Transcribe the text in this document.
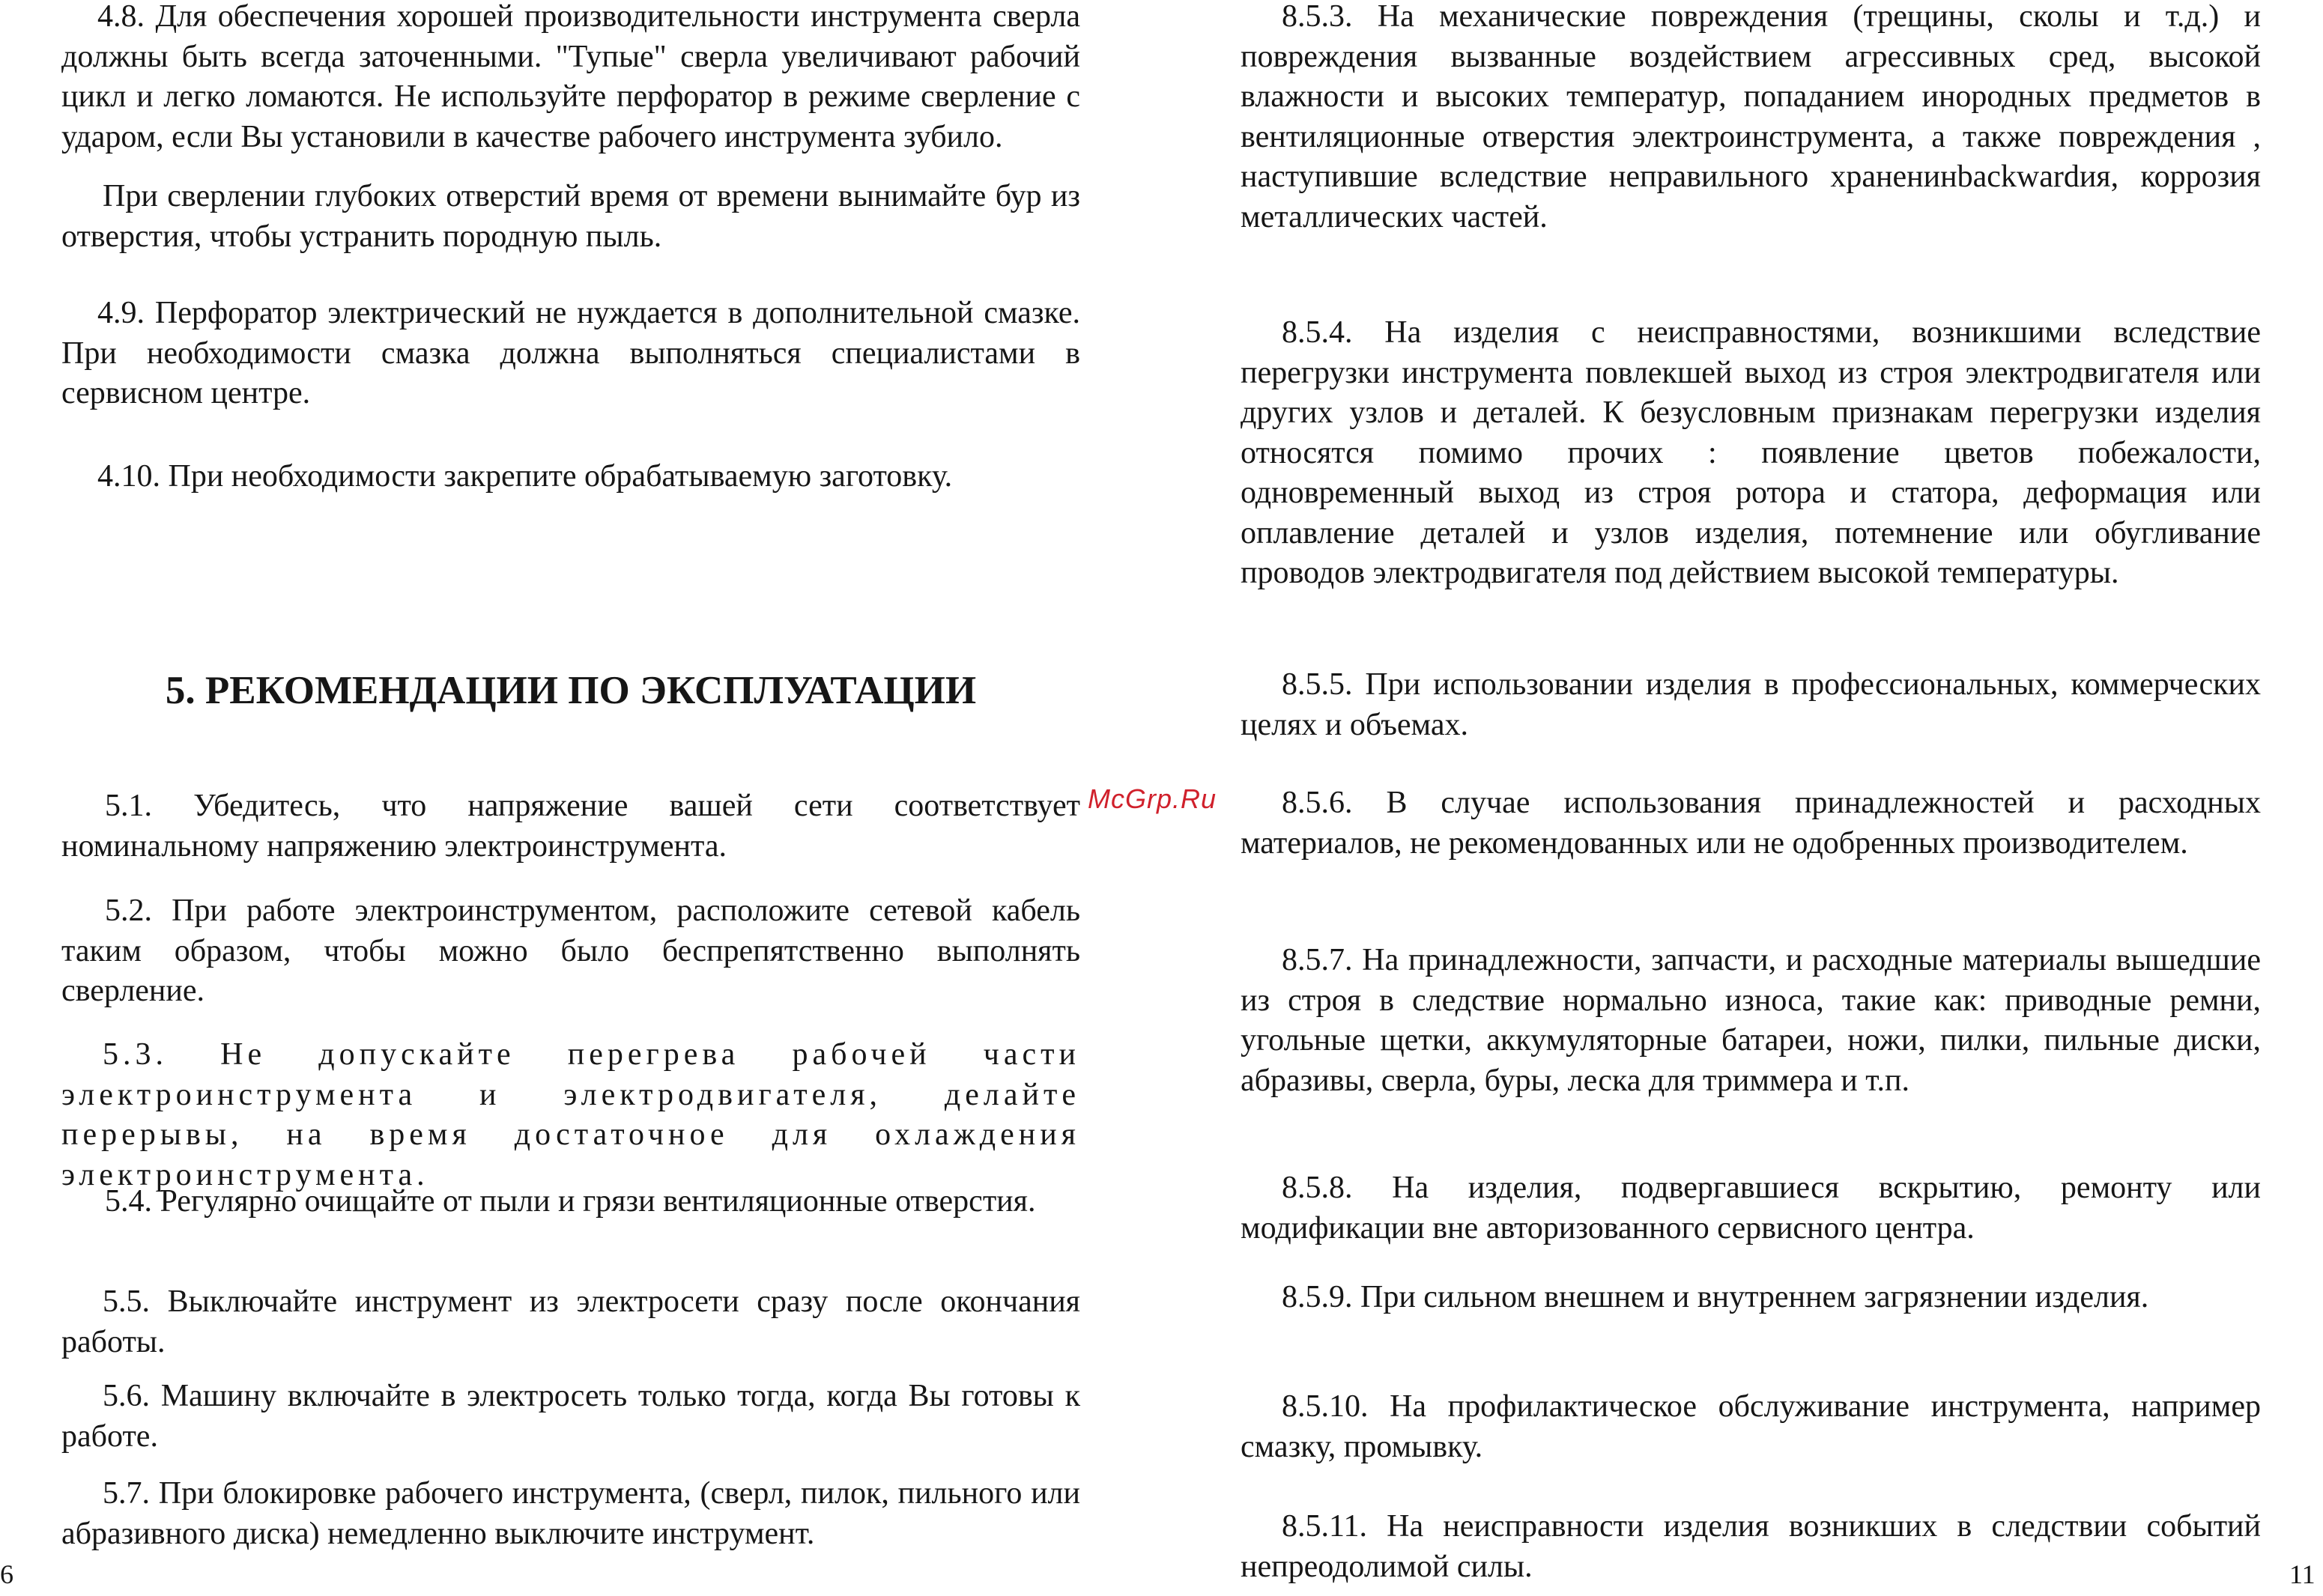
4.8. Для обеспечения хорошей производительности инструмента сверла должны быть всегда заточенными. "Тупые" сверла увеличивают рабочий цикл и легко ломаются. Не используйте перфоратор в режиме сверление с ударом, если Вы установили в качестве рабочего инструмента зубило.

При сверлении глубоких отверстий время от времени вынимайте бур из отверстия, чтобы устранить породную пыль.

4.9. Перфоратор электрический не нуждается в дополнительной смазке. При необходимости смазка должна выполняться специалистами в сервисном центре.

4.10. При необходимости закрепите обрабатываемую заготовку.

5. РЕКОМЕНДАЦИИ ПО ЭКСПЛУАТАЦИИ

5.1. Убедитесь, что напряжение вашей сети соответствует номинальному напряжению электроинструмента.

5.2. При работе электроинструментом, расположите сетевой кабель таким образом, чтобы можно было беспрепятственно выполнять сверление.

5.3. Не допускайте перегрева рабочей части электроинструмента и электродвигателя, делайте перерывы, на время достаточное для охлаждения электроинструмента.

5.4. Регулярно очищайте от пыли и грязи вентиляционные отверстия.

5.5. Выключайте инструмент из электросети сразу после окончания работы.

5.6. Машину включайте в электросеть только тогда, когда Вы готовы к работе.

5.7. При блокировке рабочего инструмента, (сверл, пилок, пильного или абразивного диска) немедленно выключите инструмент.

8.5.3. На механические повреждения (трещины, сколы и т.д.) и повреждения вызванные воздействием агрессивных сред, высокой влажности и высоких температур, попаданием инородных предметов в вентиляционные отверстия электроинструмента, а также повреждения , наступившие вследствие неправильного храненинbackwardия, коррозия металлических частей.

8.5.4. На изделия с неисправностями, возникшими вследствие перегрузки инструмента повлекшей выход из строя электродвигателя или других узлов и деталей. К безусловным признакам перегрузки изделия относятся помимо прочих : появление цветов побежалости, одновременный выход из строя ротора и статора, деформация или оплавление деталей и узлов изделия, потемнение или обугливание проводов электродвигателя под действием высокой температуры.

8.5.5. При использовании изделия в профессиональных, коммерческих целях и объемах.

8.5.6. В случае использования принадлежностей и расходных материалов, не рекомендованных или не одобренных производителем.

8.5.7. На принадлежности, запчасти, и расходные материалы вышедшие из строя в следствие нормально износа, такие как: приводные ремни, угольные щетки, аккумуляторные батареи, ножи, пилки, пильные диски, абразивы, сверла, буры, леска для триммера и т.п.

8.5.8. На изделия, подвергавшиеся вскрытию, ремонту или модификации вне авторизованного сервисного центра.

8.5.9. При сильном внешнем и внутреннем загрязнении изделия.

8.5.10. На профилактическое обслуживание инструмента, например смазку, промывку.

8.5.11. На неисправности изделия возникших в следствии событий непреодолимой силы.

McGrp.Ru
6	11
